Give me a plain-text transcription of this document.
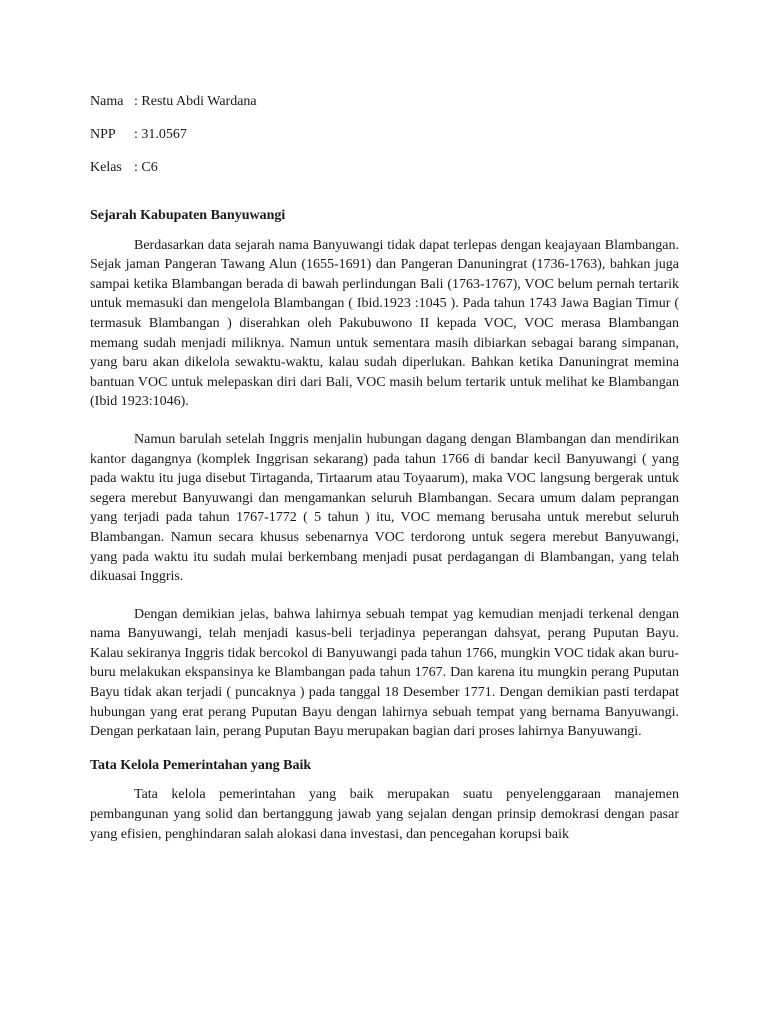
Nama : Restu Abdi Wardana
NPP	: 31.0567
Kelas : C6
Sejarah Kabupaten Banyuwangi

Berdasarkan data sejarah nama Banyuwangi tidak dapat terlepas dengan keajayaan Blambangan. Sejak jaman Pangeran Tawang Alun (1655-1691) dan Pangeran Danuningrat (1736-1763), bahkan juga sampai ketika Blambangan berada di bawah perlindungan Bali (1763-1767), VOC belum pernah tertarik untuk memasuki dan mengelola Blambangan ( Ibid.1923 :1045 ). Pada tahun 1743 Jawa Bagian Timur ( termasuk Blambangan ) diserahkan oleh Pakubuwono II kepada VOC, VOC merasa Blambangan memang sudah menjadi miliknya. Namun untuk sementara masih dibiarkan sebagai barang simpanan, yang baru akan dikelola sewaktu-waktu, kalau sudah diperlukan. Bahkan ketika Danuningrat memina bantuan VOC untuk melepaskan diri dari Bali, VOC masih belum tertarik untuk melihat ke Blambangan (Ibid 1923:1046).

Namun barulah setelah Inggris menjalin hubungan dagang dengan Blambangan dan mendirikan kantor dagangnya (komplek Inggrisan sekarang) pada tahun 1766 di bandar kecil Banyuwangi ( yang pada waktu itu juga disebut Tirtaganda, Tirtaarum atau Toyaarum), maka VOC langsung bergerak untuk segera merebut Banyuwangi dan mengamankan seluruh Blambangan. Secara umum dalam peprangan yang terjadi pada tahun 1767-1772 ( 5 tahun ) itu, VOC memang berusaha untuk merebut seluruh Blambangan. Namun secara khusus sebenarnya VOC terdorong untuk segera merebut Banyuwangi, yang pada waktu itu sudah mulai berkembang menjadi pusat perdagangan di Blambangan, yang telah dikuasai Inggris.

Dengan demikian jelas, bahwa lahirnya sebuah tempat yag kemudian menjadi terkenal dengan nama Banyuwangi, telah menjadi kasus-beli terjadinya peperangan dahsyat, perang Puputan Bayu. Kalau sekiranya Inggris tidak bercokol di Banyuwangi pada tahun 1766, mungkin VOC tidak akan buru-buru melakukan ekspansinya ke Blambangan pada tahun 1767. Dan karena itu mungkin perang Puputan Bayu tidak akan terjadi ( puncaknya ) pada tanggal 18 Desember 1771. Dengan demikian pasti terdapat hubungan yang erat perang Puputan Bayu dengan lahirnya sebuah tempat yang bernama Banyuwangi. Dengan perkataan lain, perang Puputan Bayu merupakan bagian dari proses lahirnya Banyuwangi.

Tata Kelola Pemerintahan yang Baik

Tata kelola pemerintahan yang baik merupakan suatu penyelenggaraan manajemen pembangunan yang solid dan bertanggung jawab yang sejalan dengan prinsip demokrasi dengan pasar yang efisien, penghindaran salah alokasi dana investasi, dan pencegahan korupsi baik
